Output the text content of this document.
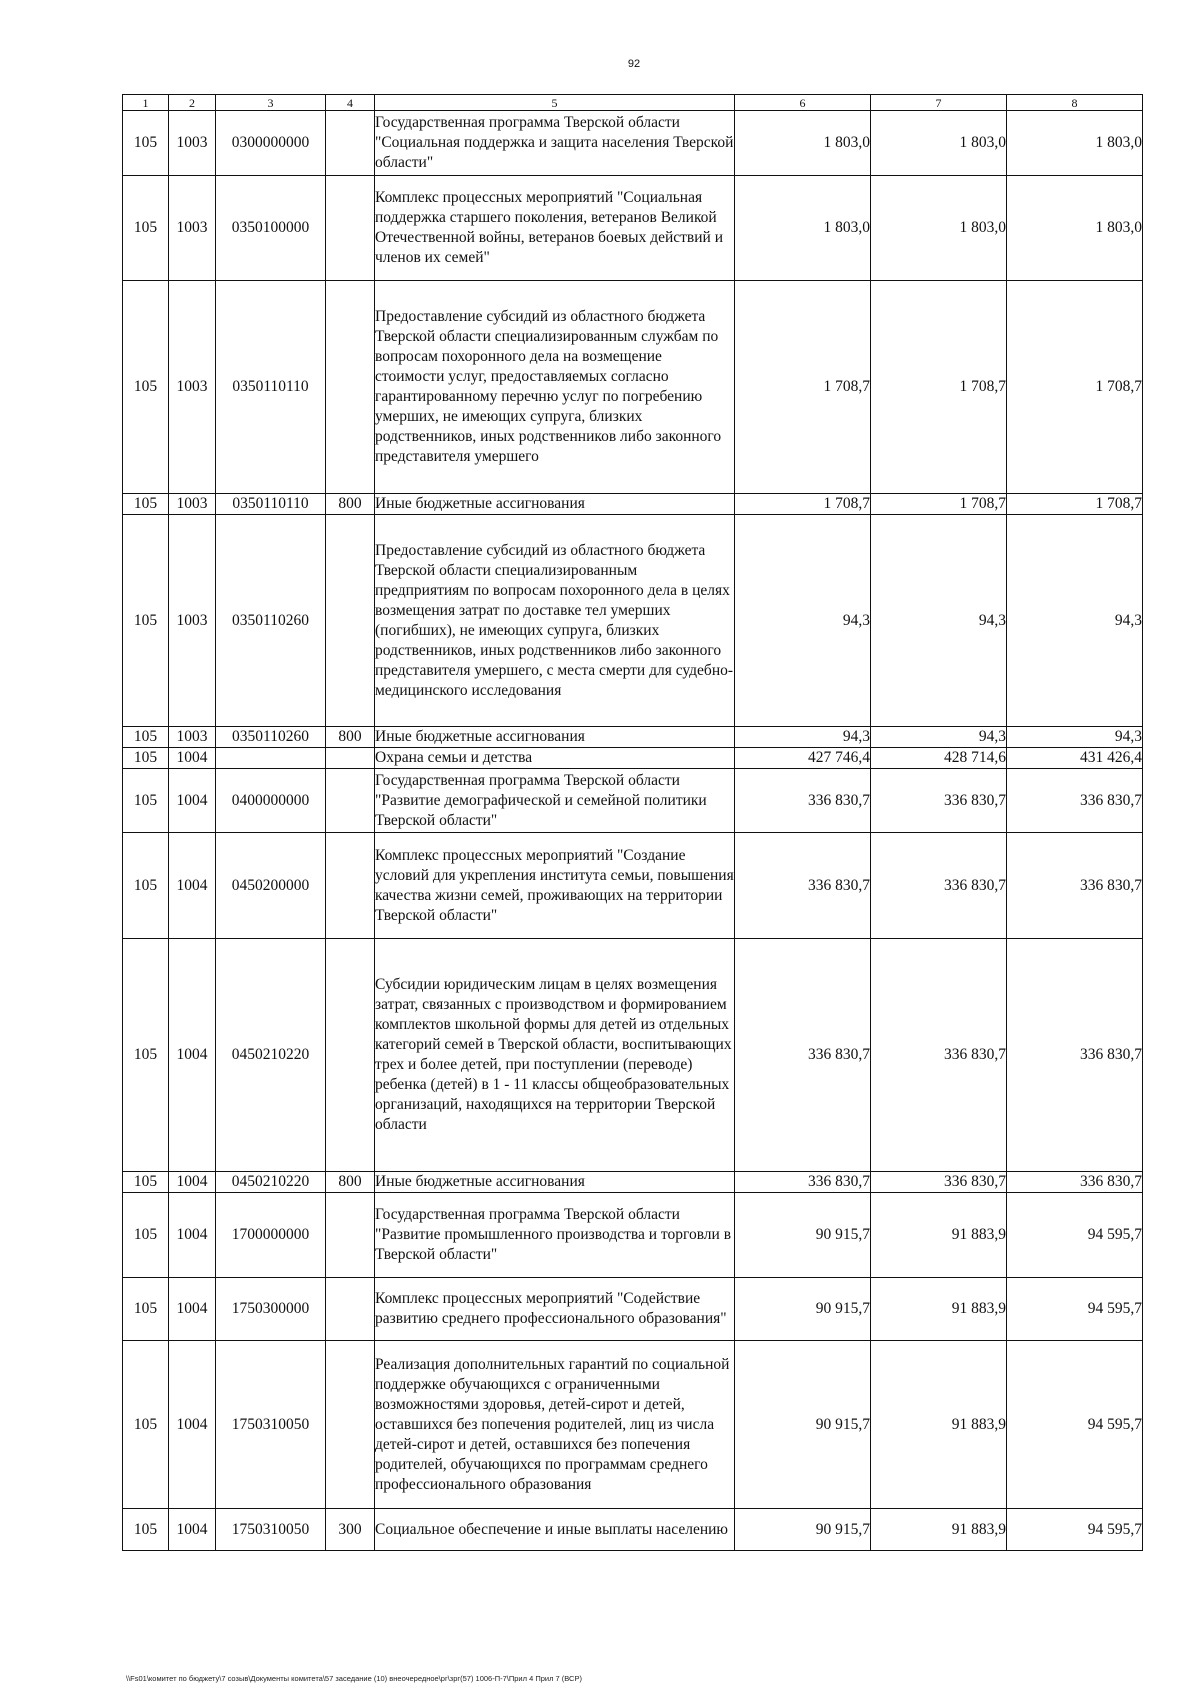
92
1	2	3	4	5	6	7	8
105	1003	0300000000		Государственная программа Тверской области "Социальная поддержка и защита населения Тверской области"	1 803,0	1 803,0	1 803,0
105	1003	0350100000		Комплекс процессных мероприятий "Социальная поддержка старшего поколения, ветеранов Великой Отечественной войны, ветеранов боевых действий и членов их семей"	1 803,0	1 803,0	1 803,0
105	1003	0350110110		Предоставление субсидий из областного бюджета Тверской области специализированным службам по вопросам похоронного дела на возмещение стоимости услуг, предоставляемых согласно гарантированному перечню услуг по погребению умерших, не имеющих супруга, близких родственников, иных родственников либо законного представителя умершего	1 708,7	1 708,7	1 708,7
105	1003	0350110110	800	Иные бюджетные ассигнования	1 708,7	1 708,7	1 708,7
105	1003	0350110260		Предоставление субсидий из областного бюджета Тверской области специализированным предприятиям по вопросам похоронного дела в целях возмещения затрат по доставке тел умерших (погибших), не имеющих супруга, близких родственников, иных родственников либо законного представителя умершего, с места смерти для судебно-медицинского исследования	94,3	94,3	94,3
105	1003	0350110260	800	Иные бюджетные ассигнования	94,3	94,3	94,3
105	1004			Охрана семьи и детства	427 746,4	428 714,6	431 426,4
105	1004	0400000000		Государственная программа Тверской области "Развитие демографической и семейной политики Тверской области"	336 830,7	336 830,7	336 830,7
105	1004	0450200000		Комплекс процессных мероприятий "Создание условий для укрепления института семьи, повышения качества жизни семей, проживающих на территории Тверской области"	336 830,7	336 830,7	336 830,7
105	1004	0450210220		Субсидии юридическим лицам в целях возмещения затрат, связанных с производством и формированием комплектов школьной формы для детей из отдельных категорий семей в Тверской области, воспитывающих трех и более детей, при поступлении (переводе) ребенка (детей) в 1 - 11 классы общеобразовательных организаций, находящихся на территории Тверской области	336 830,7	336 830,7	336 830,7
105	1004	0450210220	800	Иные бюджетные ассигнования	336 830,7	336 830,7	336 830,7
105	1004	1700000000		Государственная программа Тверской области "Развитие промышленного производства и торговли в Тверской области"	90 915,7	91 883,9	94 595,7
105	1004	1750300000		Комплекс процессных мероприятий "Содействие развитию среднего профессионального образования"	90 915,7	91 883,9	94 595,7
105	1004	1750310050		Реализация дополнительных гарантий по социальной поддержке обучающихся с ограниченными возможностями здоровья, детей-сирот и детей, оставшихся без попечения родителей, лиц из числа детей-сирот и детей, оставшихся без попечения родителей, обучающихся по программам среднего профессионального образования	90 915,7	91 883,9	94 595,7
105	1004	1750310050	300	Социальное обеспечение и иные выплаты населению	90 915,7	91 883,9	94 595,7
\\Fs01\комитет по бюджету\7 созыв\Документы комитета\57 заседание (10) внеочередное\рг\зрг(57) 1006-П-7\Прил 4 Прил 7 (ВСР)
